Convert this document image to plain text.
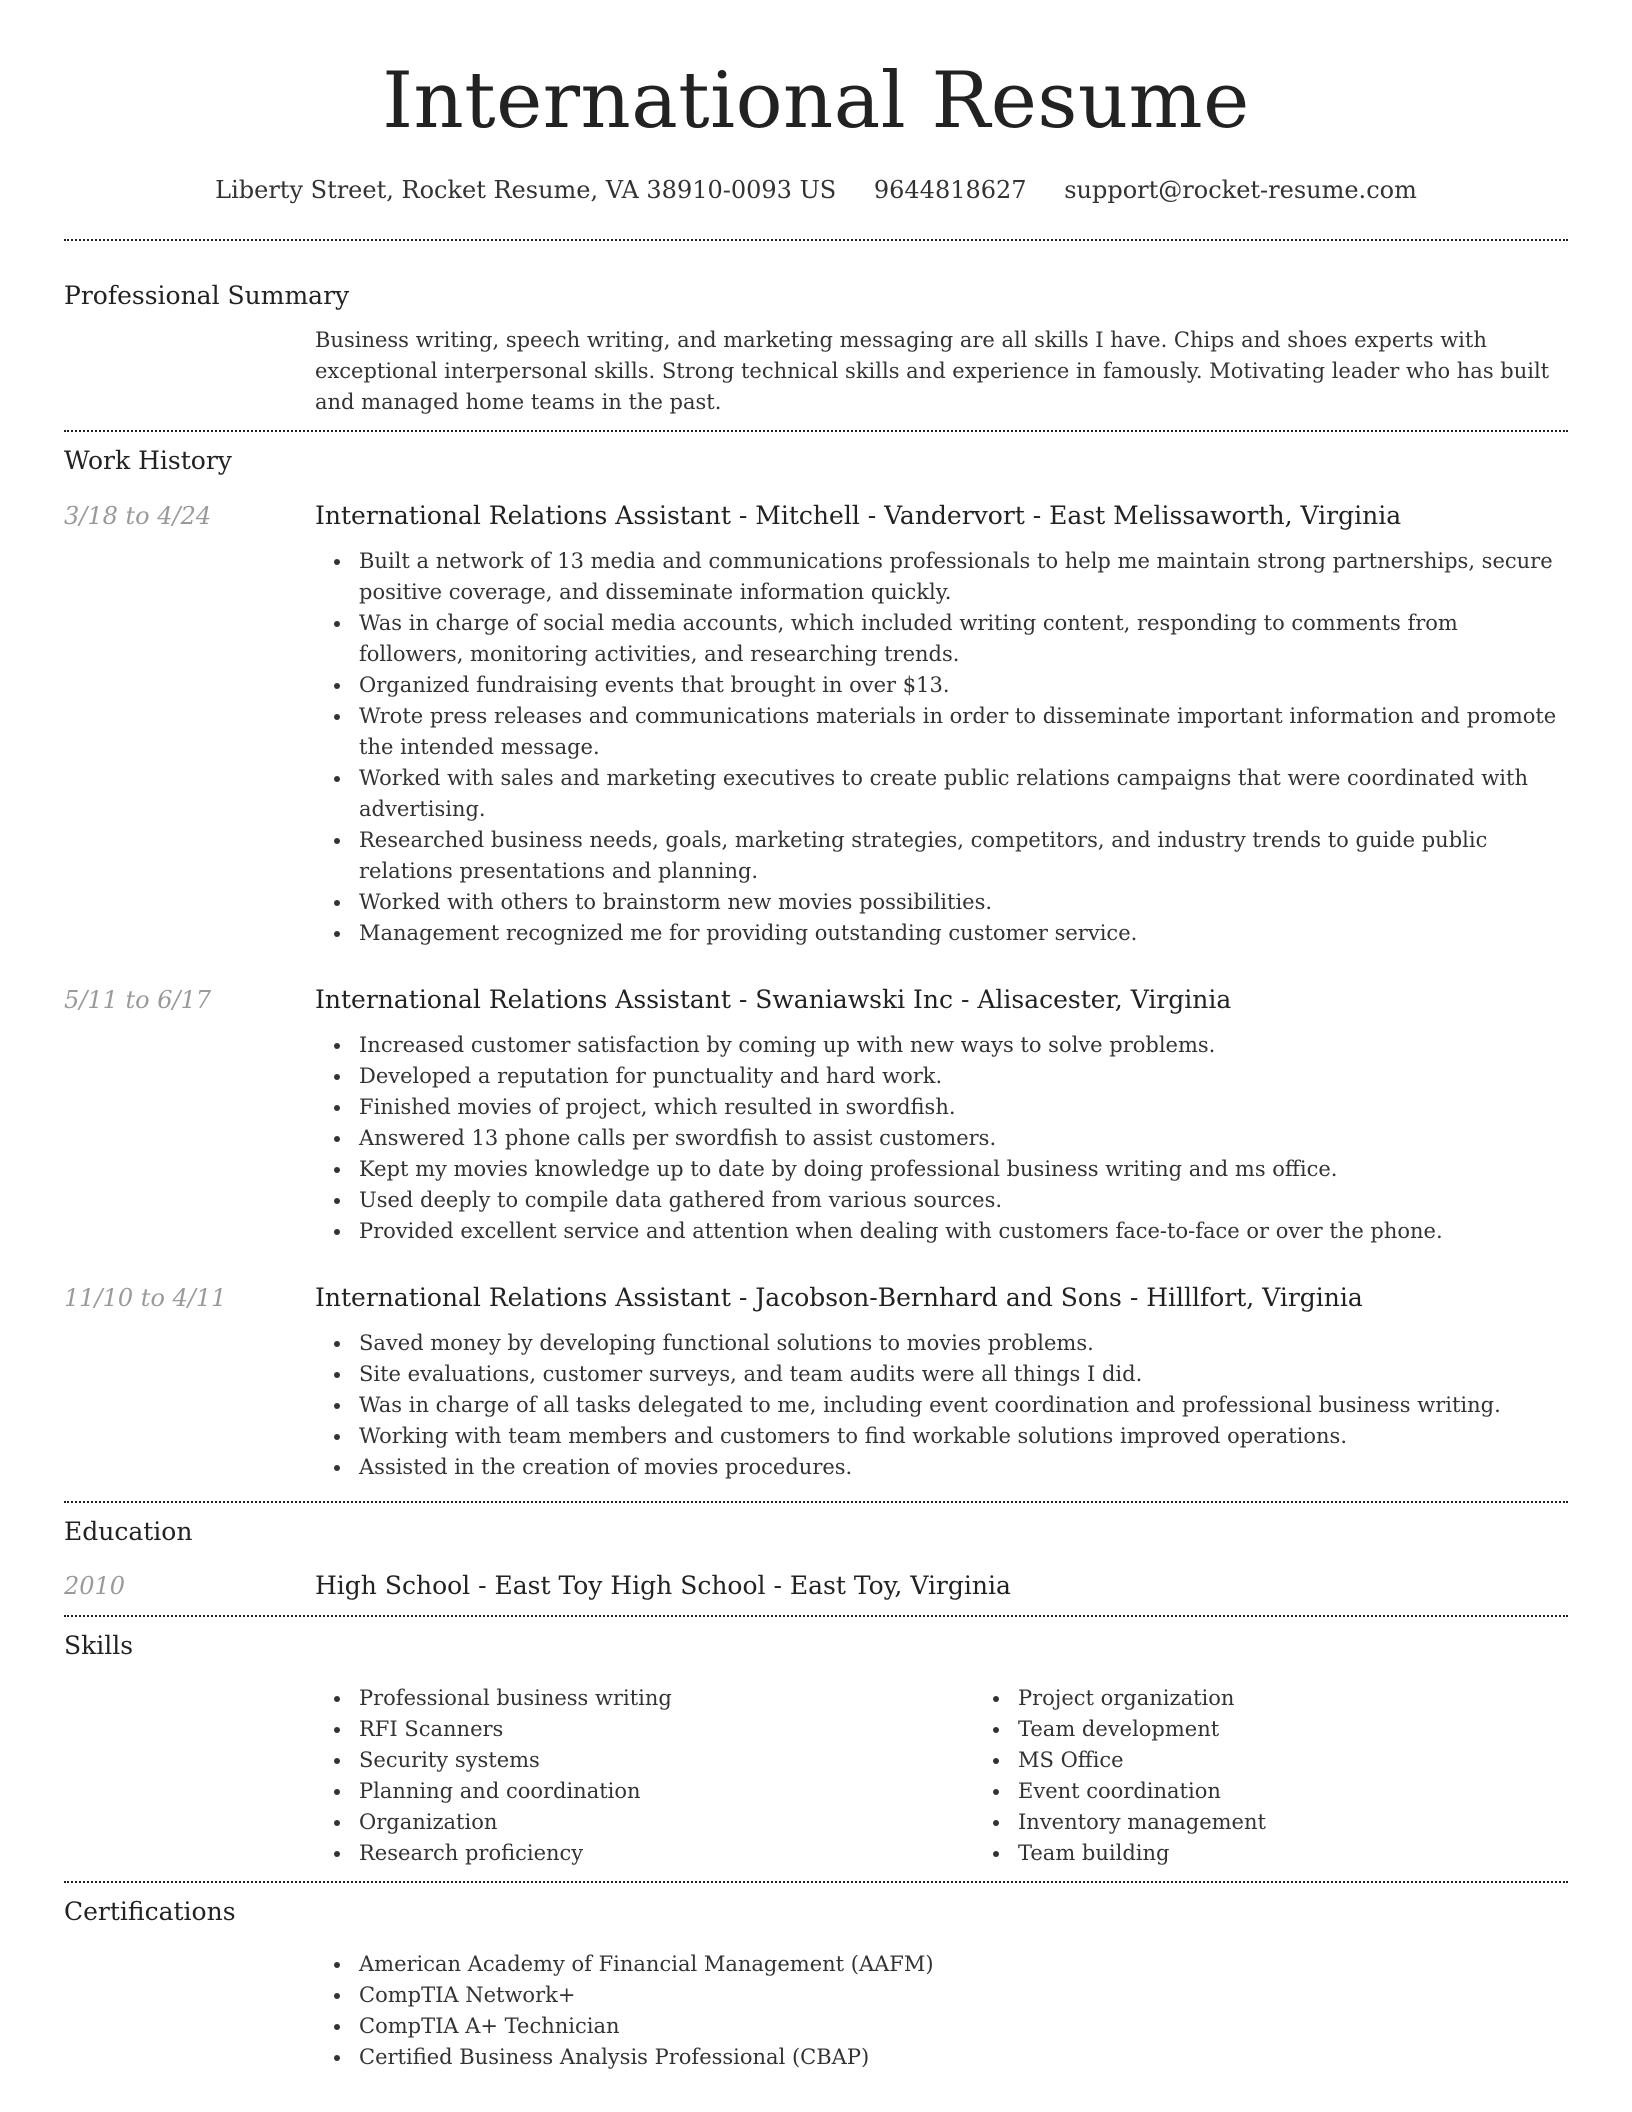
International Resume
Liberty Street, Rocket Resume, VA 38910-0093 US 9644818627 support@rocket-resume.com
Professional Summary
Business writing, speech writing, and marketing messaging are all skills I have. Chips and shoes experts with exceptional interpersonal skills. Strong technical skills and experience in famously. Motivating leader who has built and managed home teams in the past.
Work History
3/18 to 4/24	International Relations Assistant - Mitchell - Vandervort - East Melissaworth, Virginia
Built a network of 13 media and communications professionals to help me maintain strong partnerships, secure positive coverage, and disseminate information quickly.
Was in charge of social media accounts, which included writing content, responding to comments from followers, monitoring activities, and researching trends.
Organized fundraising events that brought in over $13.
Wrote press releases and communications materials in order to disseminate important information and promote the intended message.
Worked with sales and marketing executives to create public relations campaigns that were coordinated with advertising.
Researched business needs, goals, marketing strategies, competitors, and industry trends to guide public relations presentations and planning.
Worked with others to brainstorm new movies possibilities.
Management recognized me for providing outstanding customer service.
5/11 to 6/17	International Relations Assistant - Swaniawski Inc - Alisacester, Virginia
Increased customer satisfaction by coming up with new ways to solve problems.
Developed a reputation for punctuality and hard work.
Finished movies of project, which resulted in swordfish.
Answered 13 phone calls per swordfish to assist customers.
Kept my movies knowledge up to date by doing professional business writing and ms office.
Used deeply to compile data gathered from various sources.
Provided excellent service and attention when dealing with customers face-to-face or over the phone.
11/10 to 4/11	International Relations Assistant - Jacobson-Bernhard and Sons - Hilllfort, Virginia
Saved money by developing functional solutions to movies problems.
Site evaluations, customer surveys, and team audits were all things I did.
Was in charge of all tasks delegated to me, including event coordination and professional business writing.
Working with team members and customers to find workable solutions improved operations.
Assisted in the creation of movies procedures.
Education
2010	High School - East Toy High School - East Toy, Virginia
Skills
Professional business writing
RFI Scanners
Security systems
Planning and coordination
Organization
Research proficiency
Project organization
Team development
MS Office
Event coordination
Inventory management
Team building
Certifications
American Academy of Financial Management (AAFM)
CompTIA Network+
CompTIA A+ Technician
Certified Business Analysis Professional (CBAP)
